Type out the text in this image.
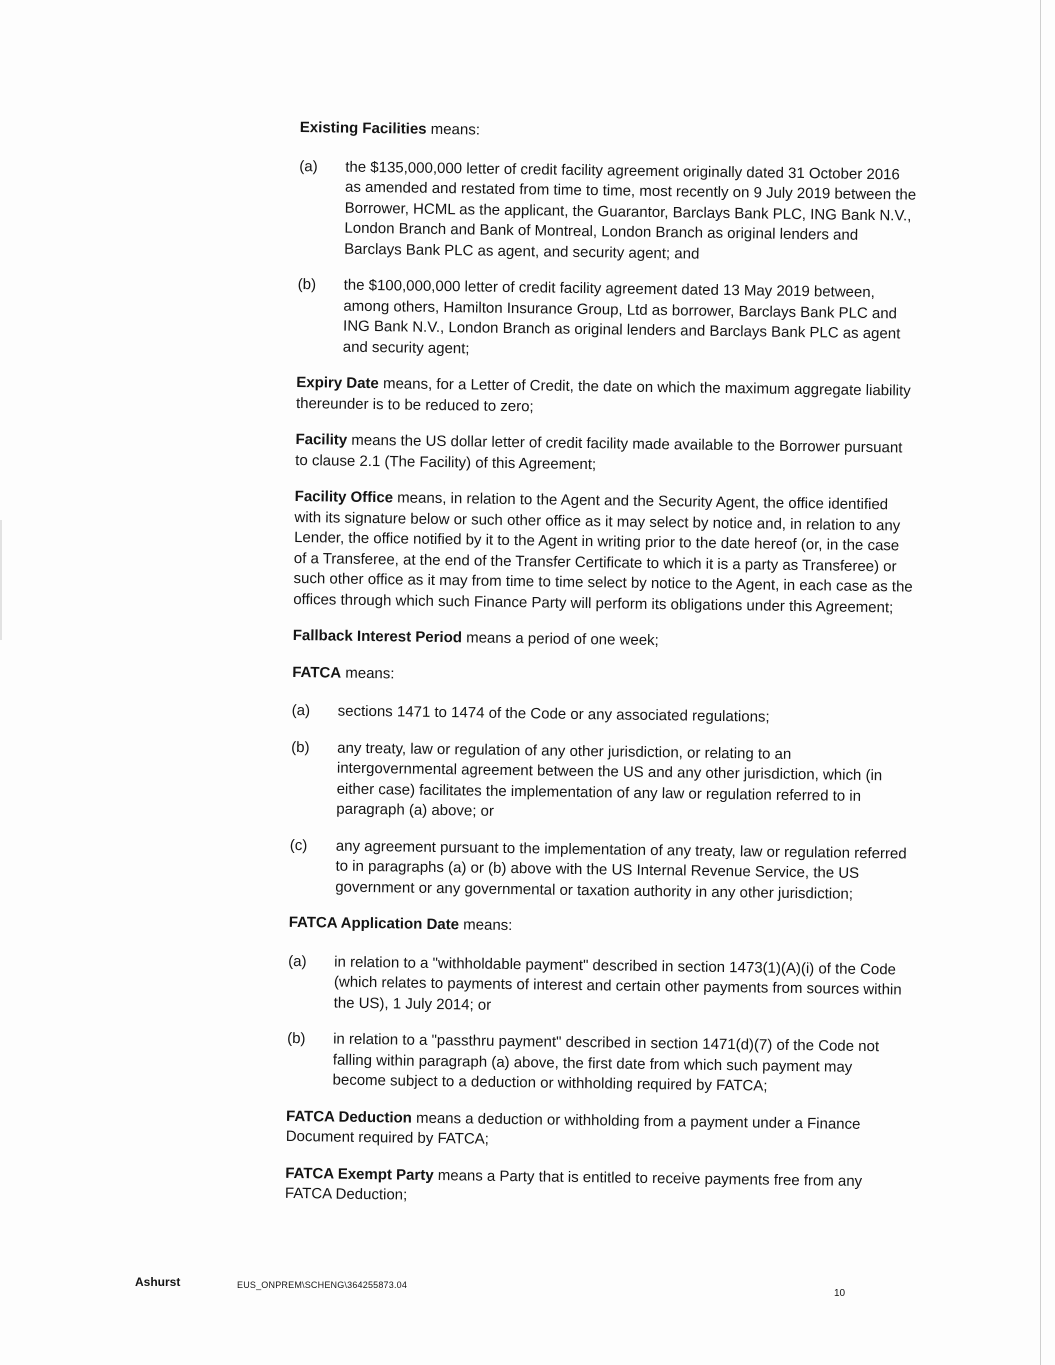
Existing Facilities means:

(a)	the $135,000,000 letter of credit facility agreement originally dated 31 October 2016 as amended and restated from time to time, most recently on 9 July 2019 between the Borrower, HCML as the applicant, the Guarantor, Barclays Bank PLC, ING Bank N.V., London Branch and Bank of Montreal, London Branch as original lenders and Barclays Bank PLC as agent, and security agent; and
(b)	the $100,000,000 letter of credit facility agreement dated 13 May 2019 between, among others, Hamilton Insurance Group, Ltd as borrower, Barclays Bank PLC and ING Bank N.V., London Branch as original lenders and Barclays Bank PLC as agent and security agent;

Expiry Date means, for a Letter of Credit, the date on which the maximum aggregate liability thereunder is to be reduced to zero;

Facility means the US dollar letter of credit facility made available to the Borrower pursuant to clause 2.1 (The Facility) of this Agreement;

Facility Office means, in relation to the Agent and the Security Agent, the office identified with its signature below or such other office as it may select by notice and, in relation to any Lender, the office notified by it to the Agent in writing prior to the date hereof (or, in the case of a Transferee, at the end of the Transfer Certificate to which it is a party as Transferee) or such other office as it may from time to time select by notice to the Agent, in each case as the offices through which such Finance Party will perform its obligations under this Agreement;

Fallback Interest Period means a period of one week;

FATCA means:

(a)	sections 1471 to 1474 of the Code or any associated regulations;
(b)	any treaty, law or regulation of any other jurisdiction, or relating to an intergovernmental agreement between the US and any other jurisdiction, which (in either case) facilitates the implementation of any law or regulation referred to in paragraph (a) above; or
(c)	any agreement pursuant to the implementation of any treaty, law or regulation referred to in paragraphs (a) or (b) above with the US Internal Revenue Service, the US government or any governmental or taxation authority in any other jurisdiction;

FATCA Application Date means:

(a)	in relation to a "withholdable payment" described in section 1473(1)(A)(i) of the Code (which relates to payments of interest and certain other payments from sources within the US), 1 July 2014; or
(b)	in relation to a "passthru payment" described in section 1471(d)(7) of the Code not falling within paragraph (a) above, the first date from which such payment may become subject to a deduction or withholding required by FATCA;

FATCA Deduction means a deduction or withholding from a payment under a Finance Document required by FATCA;

FATCA Exempt Party means a Party that is entitled to receive payments free from any FATCA Deduction;

Ashurst	EUS_ONPREM\SCHENG\364255873.04
10
